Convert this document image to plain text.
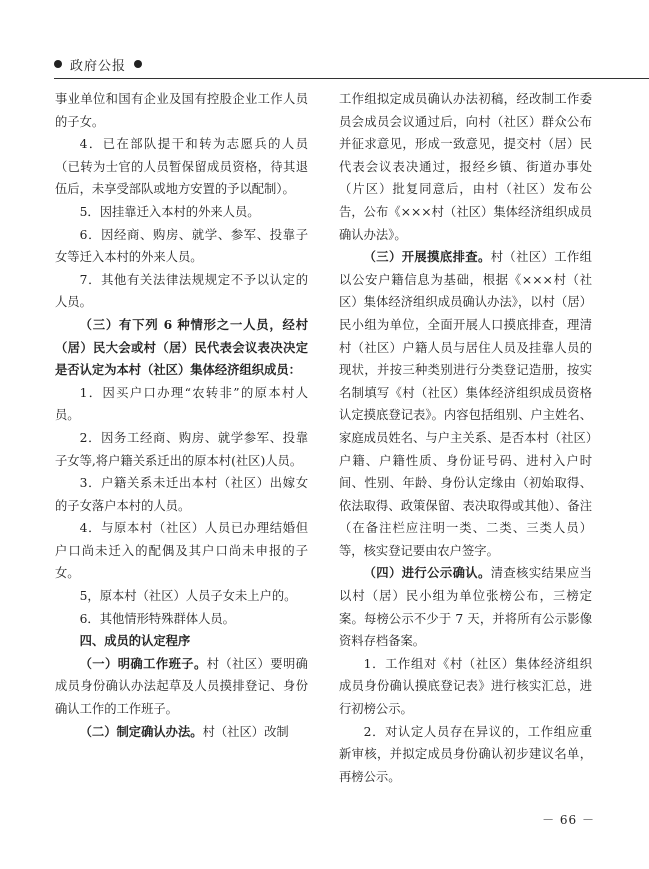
政府公报

事业单位和国有企业及国有控股企业工作人员的子女。

4．已在部队提干和转为志愿兵的人员（已转为士官的人员暂保留成员资格，待其退伍后，未享受部队或地方安置的予以配制）。

5．因挂靠迁入本村的外来人员。

6．因经商、购房、就学、参军、投靠子女等迁入本村的外来人员。

7．其他有关法律法规规定不予以认定的人员。

（三）有下列 6 种情形之一人员，经村（居）民大会或村（居）民代表会议表决决定是否认定为本村（社区）集体经济组织成员：

1．因买户口办理“农转非”的原本村人员。

2．因务工经商、购房、就学参军、投靠子女等,将户籍关系迁出的原本村(社区)人员。

3．户籍关系未迁出本村（社区）出嫁女的子女落户本村的人员。

4．与原本村（社区）人员已办理结婚但户口尚未迁入的配偶及其户口尚未申报的子女。

5，原本村（社区）人员子女未上户的。

6．其他情形特殊群体人员。

四、成员的认定程序

（一）明确工作班子。村（社区）要明确成员身份确认办法起草及人员摸排登记、身份确认工作的工作班子。

（二）制定确认办法。村（社区）改制

工作组拟定成员确认办法初稿，经改制工作委员会成员会议通过后，向村（社区）群众公布并征求意见，形成一致意见，提交村（居）民代表会议表决通过，报经乡镇、街道办事处（片区）批复同意后，由村（社区）发布公告，公布《×××村（社区）集体经济组织成员确认办法》。

（三）开展摸底排查。村（社区）工作组以公安户籍信息为基础，根据《×××村（社区）集体经济组织成员确认办法》，以村（居）民小组为单位，全面开展人口摸底排查，理清村（社区）户籍人员与居住人员及挂靠人员的现状，并按三种类别进行分类登记造册，按实名制填写《村（社区）集体经济组织成员资格认定摸底登记表》。内容包括组别、户主姓名、家庭成员姓名、与户主关系、是否本村（社区）户籍、户籍性质、身份证号码、进村入户时间、性别、年龄、身份认定缘由（初始取得、依法取得、政策保留、表决取得或其他）、备注（在备注栏应注明一类、二类、三类人员）等，核实登记要由农户签字。

（四）进行公示确认。清查核实结果应当以村（居）民小组为单位张榜公布，三榜定案。每榜公示不少于 7 天，并将所有公示影像资料存档备案。

1．工作组对《村（社区）集体经济组织成员身份确认摸底登记表》进行核实汇总，进行初榜公示。

2．对认定人员存在异议的，工作组应重新审核，并拟定成员身份确认初步建议名单，再榜公示。

－ 66 －
